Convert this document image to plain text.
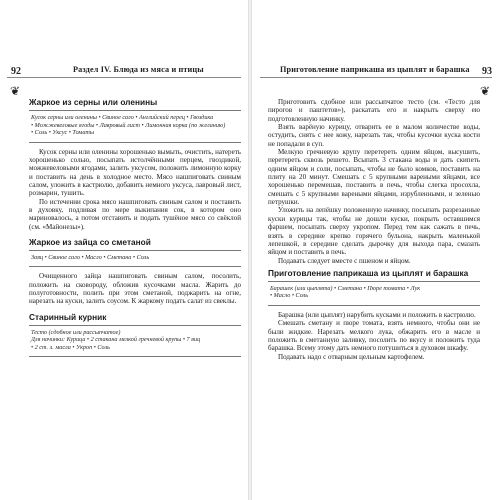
92	Раздел IV. Блюда из мяса и птицы
❦
Жаркое из серны или оленины
Кусок серны или оленины • Свиное сало • Английский перец • Гвоздика
• Можжевеловые ягоды • Лавровый лист • Лимонная корка (по желанию)
• Соль • Уксус • Томаты

Кусок серны или оленины хорошенько вымыть, очистить, натереть хорошенько солью, посыпать истолчёнными перцем, гвоздикой, можжевеловыми ягодами, залить уксусом, положить лимонную корку и поставить на день в холодное место. Мясо нашпиговать свиным салом, уложить в кастрюлю, добавить немного уксуса, лавровый лист, розмарин, тушить.

По истечении срока мясо нашпиговать свиным салом и поставить в духовку, подливая по мере выкипания сок, в котором оно мариновалось, а потом отставить и подать тушёное мясо со свёклой (см. «Майонезы»).

Жаркое из зайца со сметаной
Заяц • Свиное сало • Масло • Сметана • Соль

Очищенного зайца нашпиговать свиным салом, посолить, положить на сковороду, обложив кусочками масла. Жарить до полуготовности, полить при этом сметаной, поджарить на огне, нарезать на куски, залить соусом. К жаркому подать салат из свеклы.

Старинный курник
Тесто (сдобное или рассыпчатое)
Для начинки: Курица • 2 стакана мелкой гречневой крупы • 7 яиц
• 2 ст. л. масла • Укроп • Соль
Приготовление паприкаша из цыплят и барашка 93
❦

Приготовить сдобное или рассыпчатое тесто (см. «Тесто для пирогов и паштетов»), раскатать его и накрыть сверху ею подготовленную начинку.

Взять варёную курицу, отварить ее в малом количестве воды, остудить, снять с нее кожу, нарезать так, чтобы кусочки куска кости не попадали в суп.

Мелкую гречневую крупу перетереть одним яйцом, высушить, перетереть сквозь решето. Всыпать 3 стакана воды и дать скипеть одним яйцом и соли, посыпать, чтобы не было комков, поставить на плиту на 20 минут. Смешать с 5 крупными вареными яйцами, все хорошенько перемешав, поставить в печь, чтобы слегка просохла, смешать с 5 крупными вареными яйцами, изрубленными, и зеленью петрушки.

Уложить на лепёшку положенную начинку, посыпать разрезанные куски курицы так, чтобы не дошли куски, покрыть оставшимся фаршем, посыпать сверху укропом. Перед тем как сажать в печь, взять в середине крепко горячего бульона, накрыть маленькой лепешкой, в середине сделать дырочку для выхода пара, смазать яйцом и поставить в печь.

Подавать следует вместе с пшеном и яйцом.

Приготовление паприкаша из цыплят и барашка
Барашек (или цыплята) • Сметана • Пюре томата • Лук
• Масло • Соль

Барашка (или цыплят) нарубить кусками и положить в кастрюлю.

Смешать сметану и пюре томата, взять немного, чтобы они не были жидкие. Нарезать мелкого лука, обжарить его в масле и положить в сметанную заливку, посолить по вкусу и положить туда барашка. Всему этому дать немного потушиться в духовом шкафу.

Подавать надо с отварным цельным картофелем.
